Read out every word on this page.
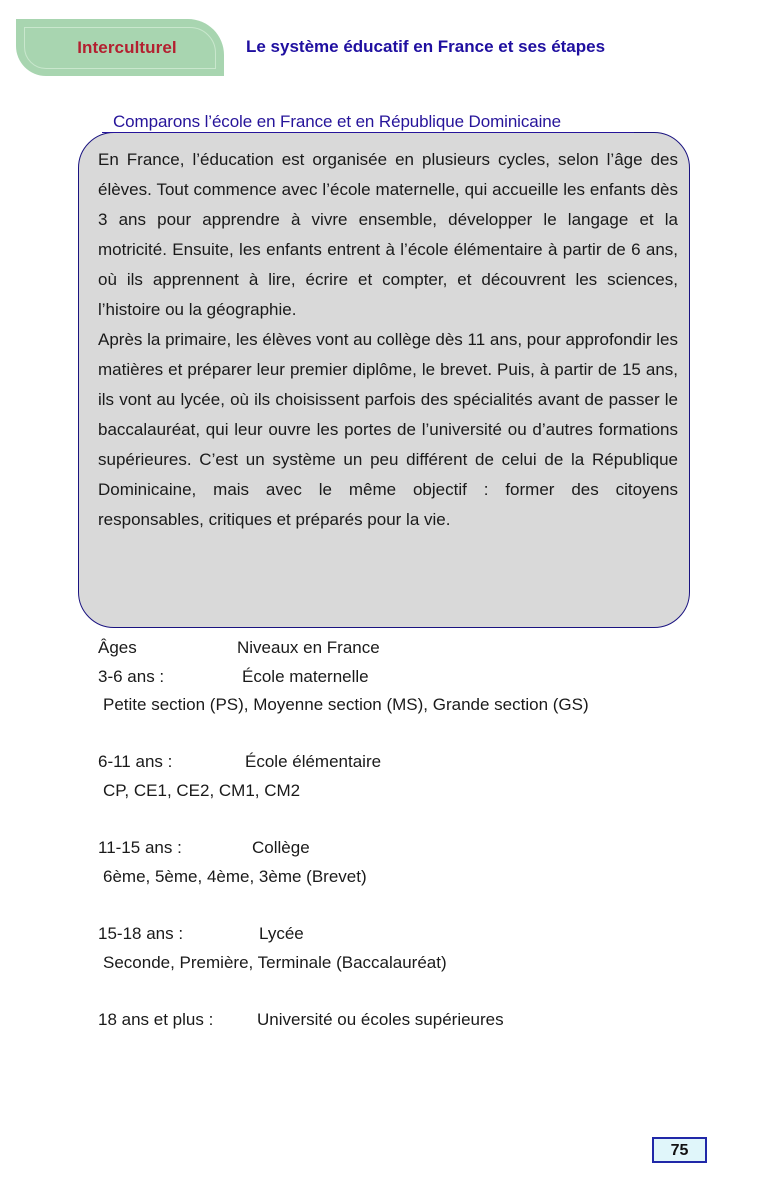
Interculturel	Le système éducatif en France et ses étapes
Comparons l’école en France et en République Dominicaine

En France, l’éducation est organisée en plusieurs cycles, selon l’âge des élèves. Tout commence avec l’école maternelle, qui accueille les enfants dès 3 ans pour apprendre à vivre ensemble, développer le langage et la motricité. Ensuite, les enfants entrent à l’école élémentaire à partir de 6 ans, où ils apprennent à lire, écrire et compter, et découvrent les sciences, l’histoire ou la géographie.

Après la primaire, les élèves vont au collège dès 11 ans, pour approfondir les matières et préparer leur premier diplôme, le brevet. Puis, à partir de 15 ans, ils vont au lycée, où ils choisissent parfois des spécialités avant de passer le baccalauréat, qui leur ouvre les portes de l’université ou d’autres formations supérieures. C’est un système un peu différent de celui de la République Dominicaine, mais avec le même objectif : former des citoyens responsables, critiques et préparés pour la vie.

Âges	Niveaux en France
3-6 ans :	École maternelle
Petite section (PS), Moyenne section (MS), Grande section (GS)
6-11 ans :	École élémentaire
CP, CE1, CE2, CM1, CM2
11-15 ans :	Collège
6ème, 5ème, 4ème, 3ème (Brevet)
15-18 ans :	Lycée
Seconde, Première, Terminale (Baccalauréat)
18 ans et plus :	Université ou écoles supérieures
75
